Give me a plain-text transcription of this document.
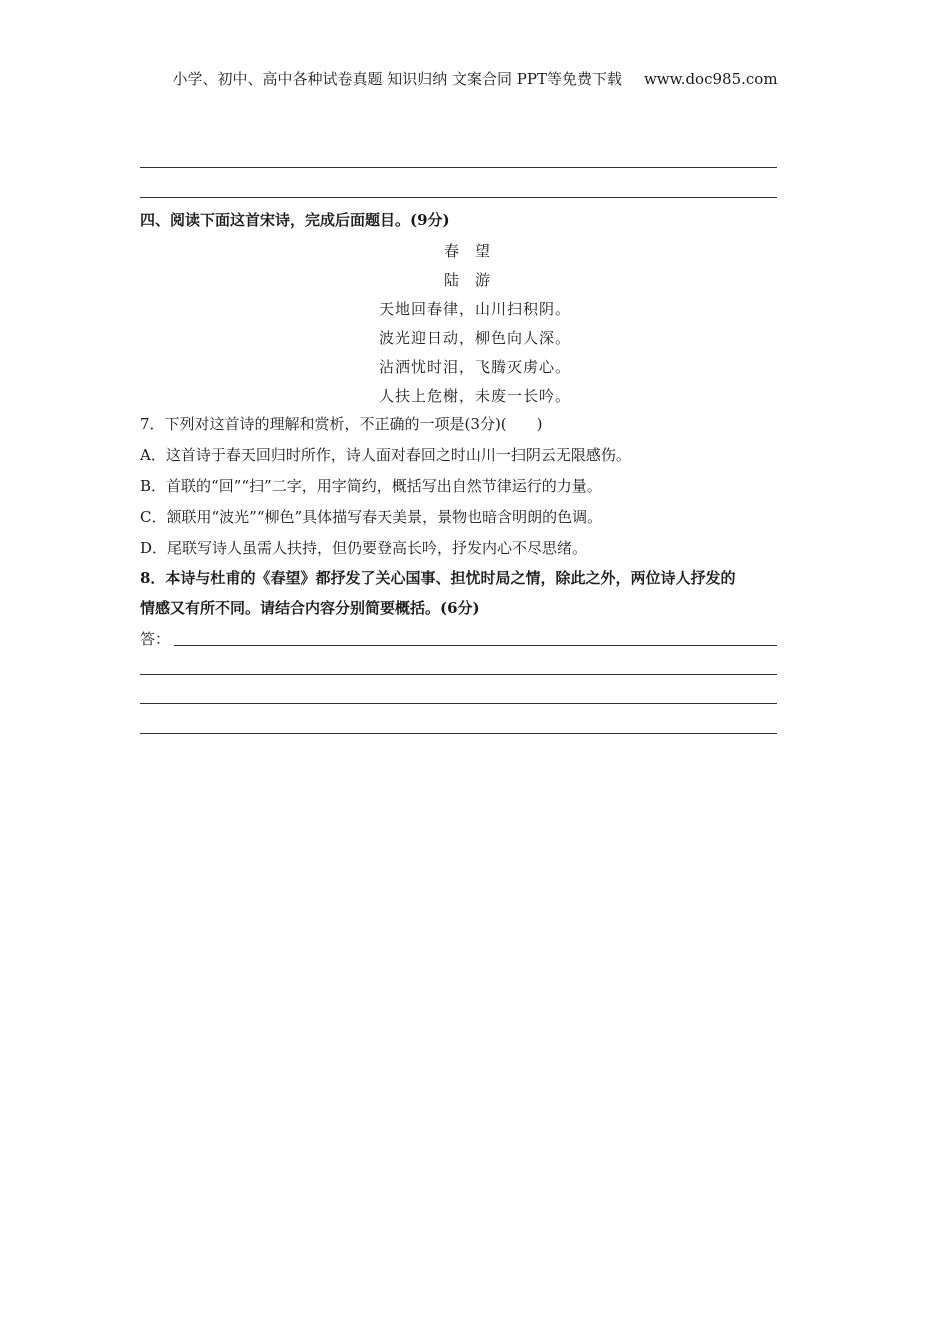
小学、初中、高中各种试卷真题 知识归纳 文案合同 PPT等免费下载 www.doc985.com
四、阅读下面这首宋诗，完成后面题目。(9分)
春望
陆游
天地回春律，山川扫积阴。
波光迎日动，柳色向人深。
沾洒忧时泪，飞腾灭虏心。
人扶上危榭，未废一长吟。
7．下列对这首诗的理解和赏析，不正确的一项是(3分)(　　)
A．这首诗于春天回归时所作，诗人面对春回之时山川一扫阴云无限感伤。
B．首联的“回”“扫”二字，用字简约，概括写出自然节律运行的力量。
C．颔联用“波光”“柳色”具体描写春天美景，景物也暗含明朗的色调。
D．尾联写诗人虽需人扶持，但仍要登高长吟，抒发内心不尽思绪。
8．本诗与杜甫的《春望》都抒发了关心国事、担忧时局之情，除此之外，两位诗人抒发的
情感又有所不同。请结合内容分别简要概括。(6分)
答：
